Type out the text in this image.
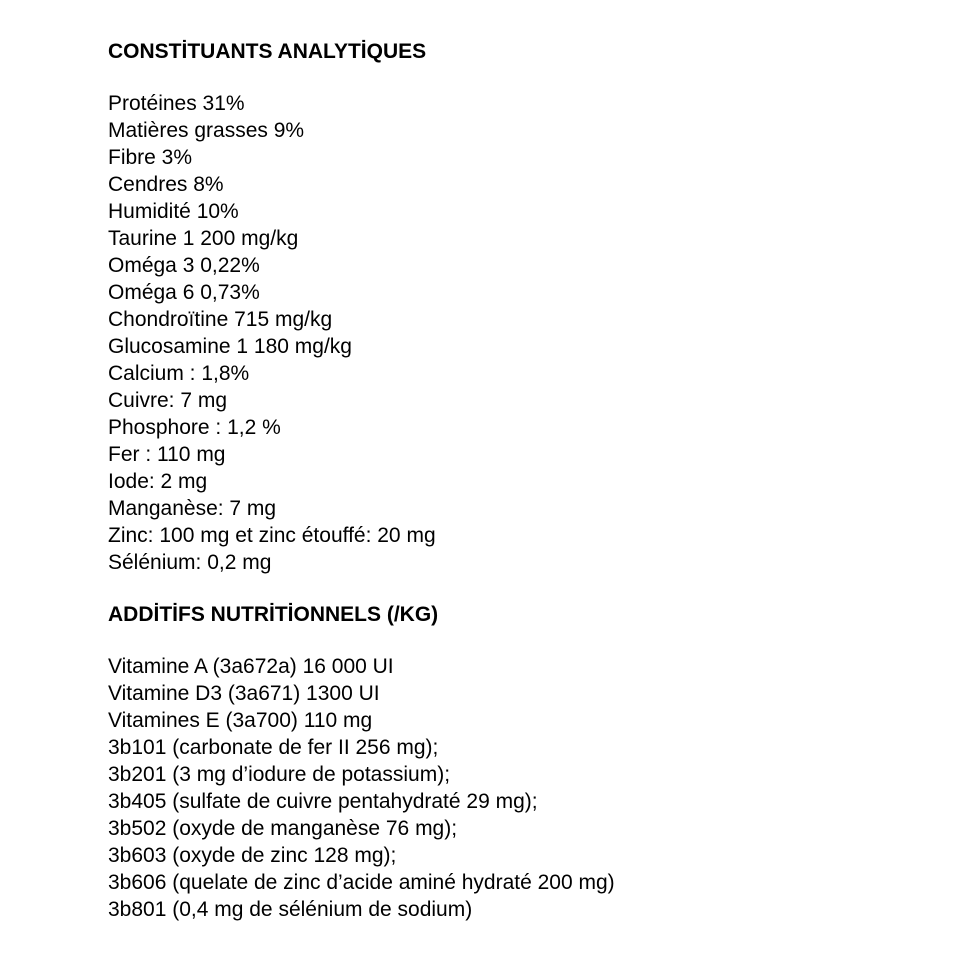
CONSTİTUANTS ANALYTİQUES
Protéines 31%
Matières grasses 9%
Fibre 3%
Cendres 8%
Humidité 10%
Taurine 1 200 mg/kg
Oméga 3 0,22%
Oméga 6 0,73%
Chondroïtine 715 mg/kg
Glucosamine 1 180 mg/kg
Calcium : 1,8%
Cuivre: 7 mg
Phosphore : 1,2 %
Fer : 110 mg
Iode: 2 mg
Manganèse: 7 mg
Zinc: 100 mg et zinc étouffé: 20 mg
Sélénium: 0,2 mg
ADDİTİFS NUTRİTİONNELS (/KG)
Vitamine A (3a672a) 16 000 UI
Vitamine D3 (3a671) 1300 UI
Vitamines E (3a700) 110 mg
3b101 (carbonate de fer II 256 mg);
3b201 (3 mg d’iodure de potassium);
3b405 (sulfate de cuivre pentahydraté 29 mg);
3b502 (oxyde de manganèse 76 mg);
3b603 (oxyde de zinc 128 mg);
3b606 (quelate de zinc d’acide aminé hydraté 200 mg)
3b801 (0,4 mg de sélénium de sodium)
